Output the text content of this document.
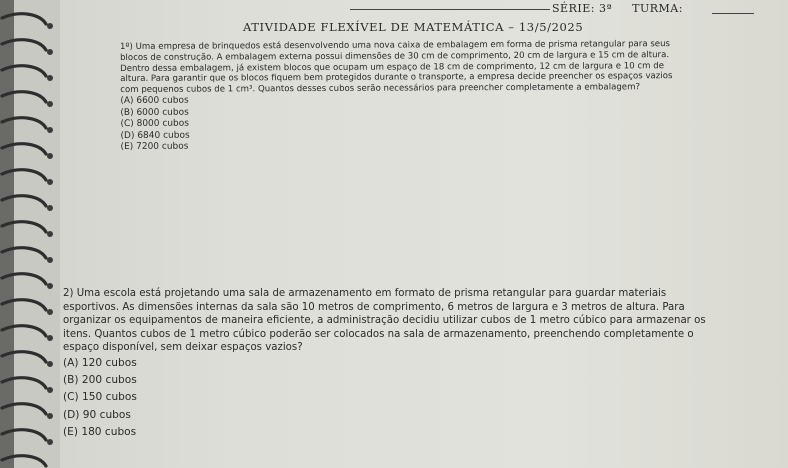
SÉRIE: 3ª TURMA:
ATIVIDADE FLEXÍVEL DE MATEMÁTICA – 13/5/2025

1º) Uma empresa de brinquedos está desenvolvendo uma nova caixa de embalagem em forma de prisma retangular para seus

blocos de construção. A embalagem externa possui dimensões de 30 cm de comprimento, 20 cm de largura e 15 cm de altura.

Dentro dessa embalagem, já existem blocos que ocupam um espaço de 18 cm de comprimento, 12 cm de largura e 10 cm de

altura. Para garantir que os blocos fiquem bem protegidos durante o transporte, a empresa decide preencher os espaços vazios

com pequenos cubos de 1 cm³. Quantos desses cubos serão necessários para preencher completamente a embalagem?

(A) 6600 cubos

(B) 6000 cubos

(C) 8000 cubos

(D) 6840 cubos

(E) 7200 cubos

2) Uma escola está projetando uma sala de armazenamento em formato de prisma retangular para guardar materiais

esportivos. As dimensões internas da sala são 10 metros de comprimento, 6 metros de largura e 3 metros de altura. Para

organizar os equipamentos de maneira eficiente, a administração decidiu utilizar cubos de 1 metro cúbico para armazenar os

itens. Quantos cubos de 1 metro cúbico poderão ser colocados na sala de armazenamento, preenchendo completamente o

espaço disponível, sem deixar espaços vazios?

(A) 120 cubos

(B) 200 cubos

(C) 150 cubos

(D) 90 cubos

(E) 180 cubos
